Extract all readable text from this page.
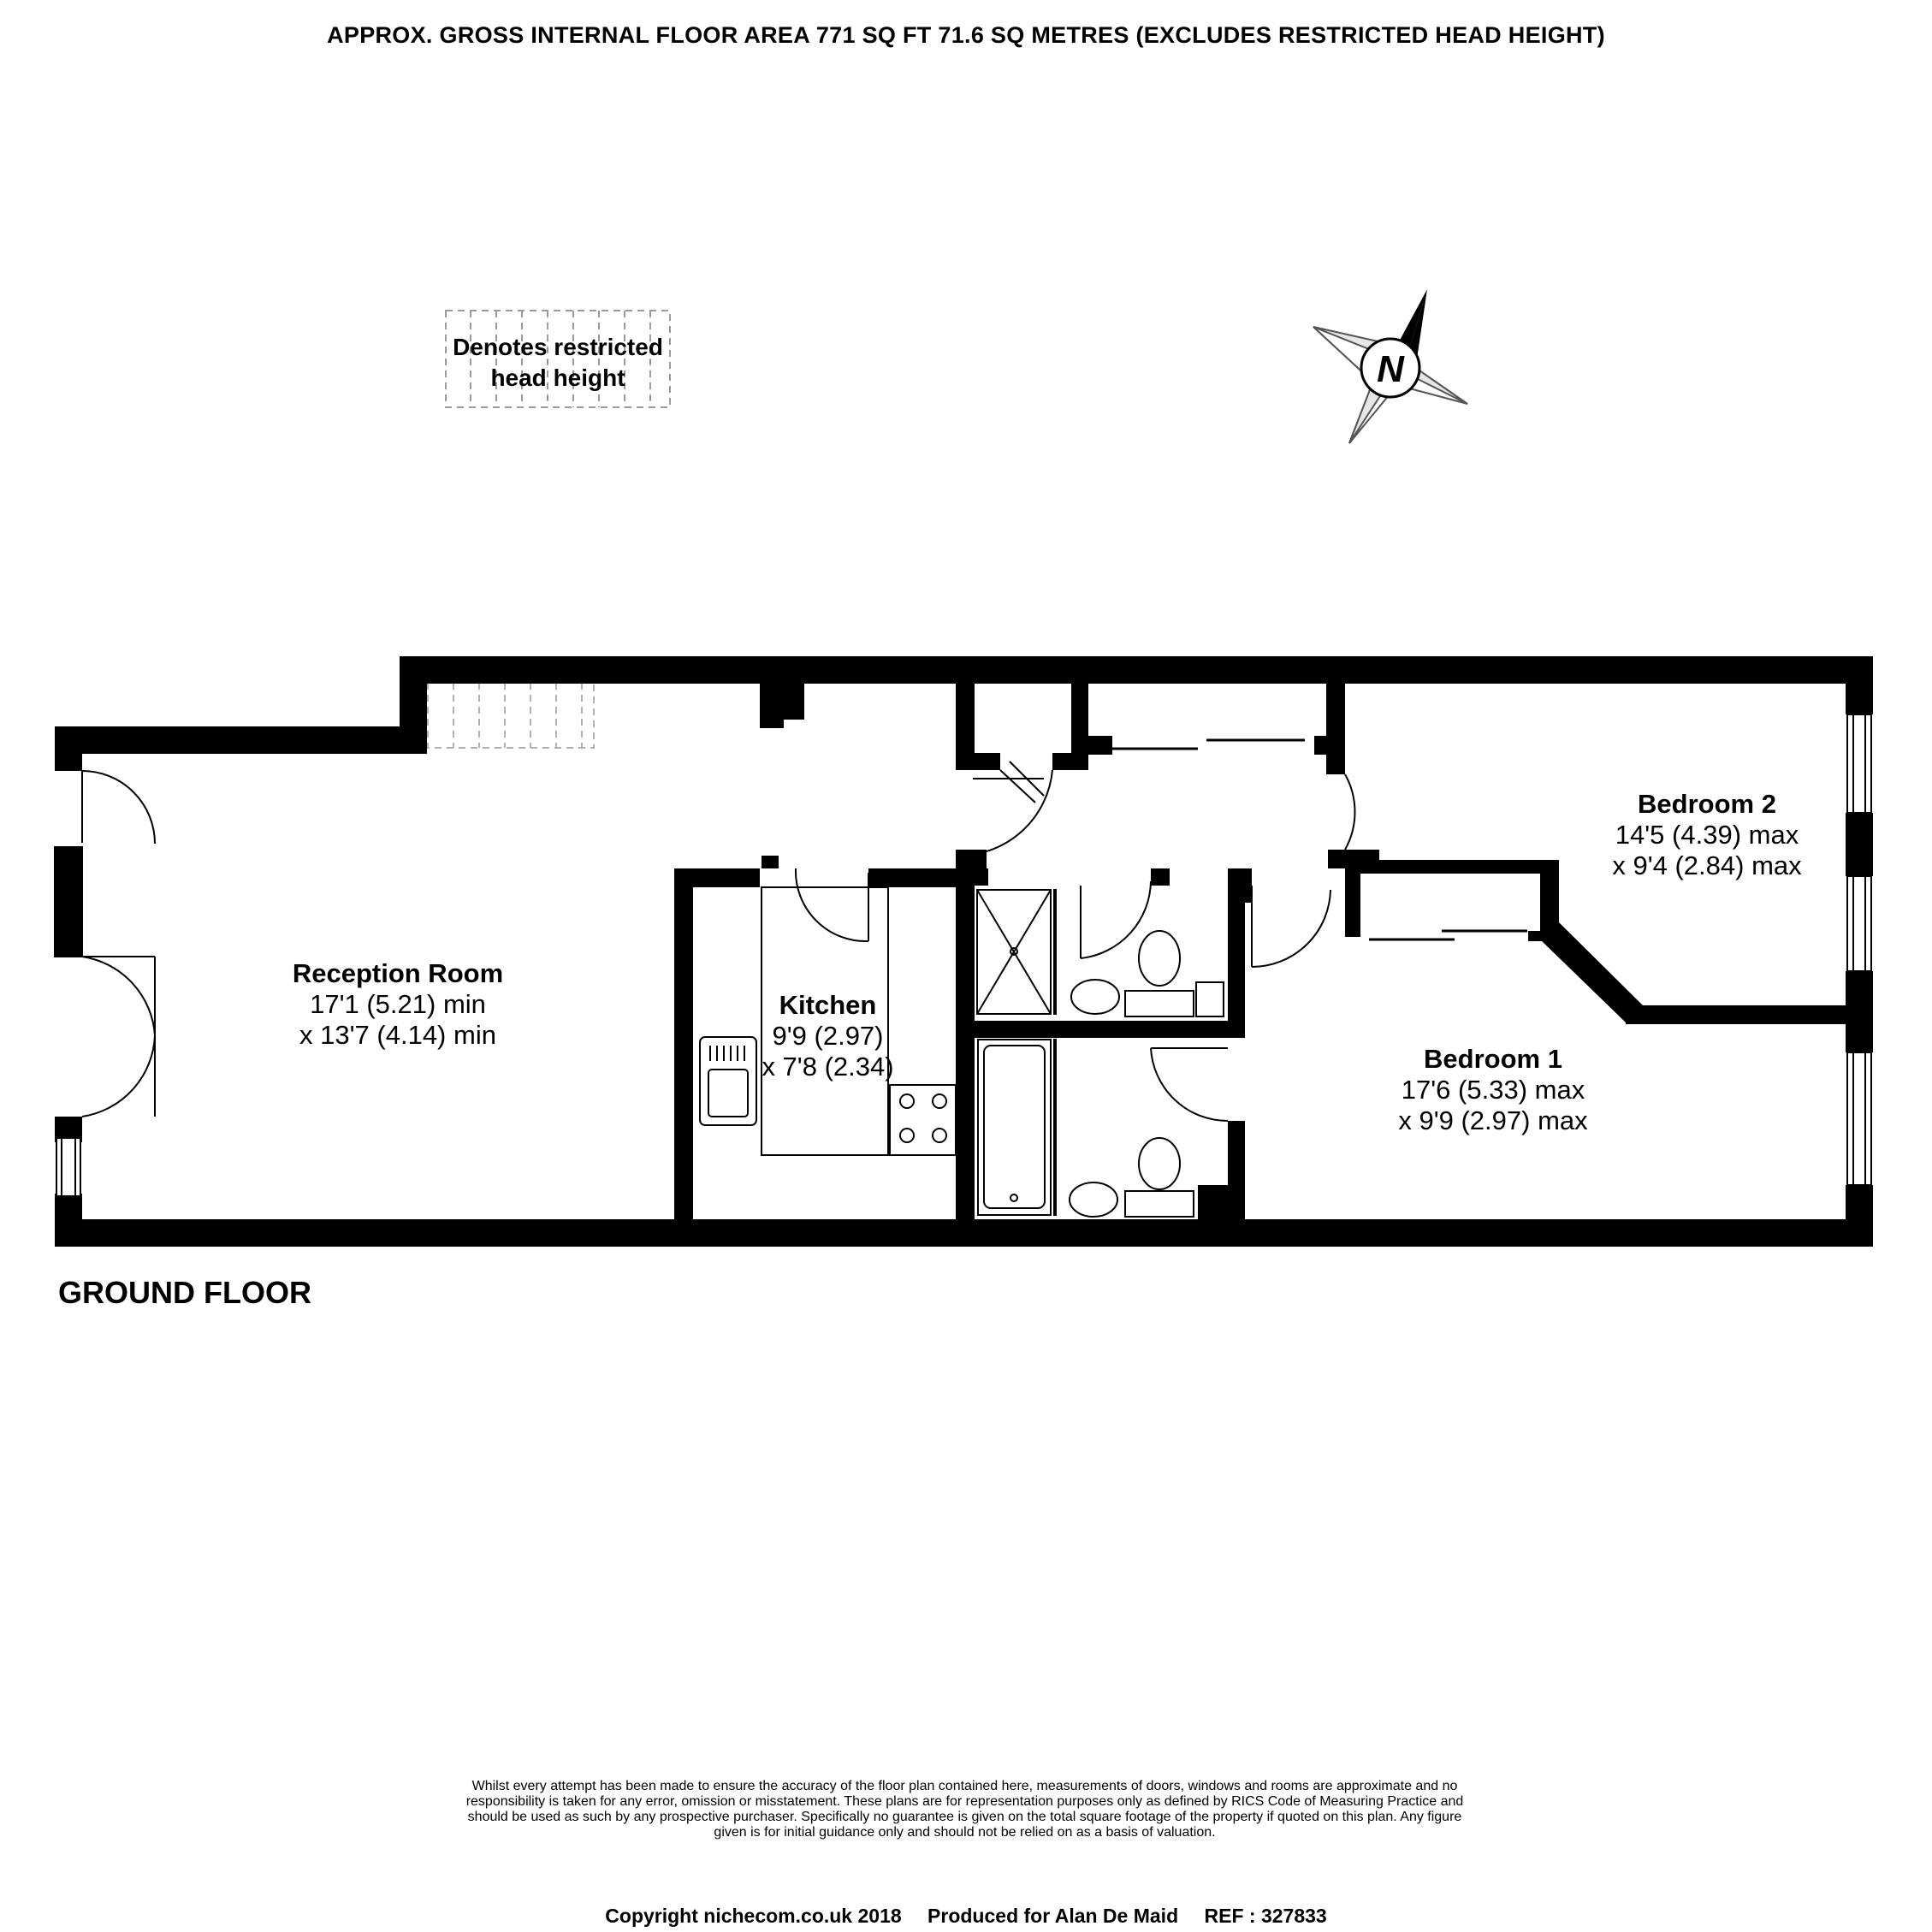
APPROX. GROSS INTERNAL FLOOR AREA 771 SQ FT 71.6 SQ METRES (EXCLUDES RESTRICTED HEAD HEIGHT)
Denotes restricted
head height	N
Reception Room
17'1 (5.21) min
x 13'7 (4.14) min
Kitchen
9'9 (2.97)
x 7'8 (2.34)	Bedroom 1
17'6 (5.33) max
x 9'9 (2.97) max
Bedroom 2
14'5 (4.39) max
x 9'4 (2.84) max
GROUND FLOOR
Whilst every attempt has been made to ensure the accuracy of the floor plan contained here, measurements of doors, windows and rooms are approximate and no responsibility is taken for any error, omission or misstatement. These plans are for representation purposes only as defined by RICS Code of Measuring Practice and should be used as such by any prospective purchaser. Specifically no guarantee is given on the total square footage of the property if quoted on this plan. Any figure given is for initial guidance only and should not be relied on as a basis of valuation.
Copyright nichecom.co.uk 2018 Produced for Alan De Maid REF : 327833
